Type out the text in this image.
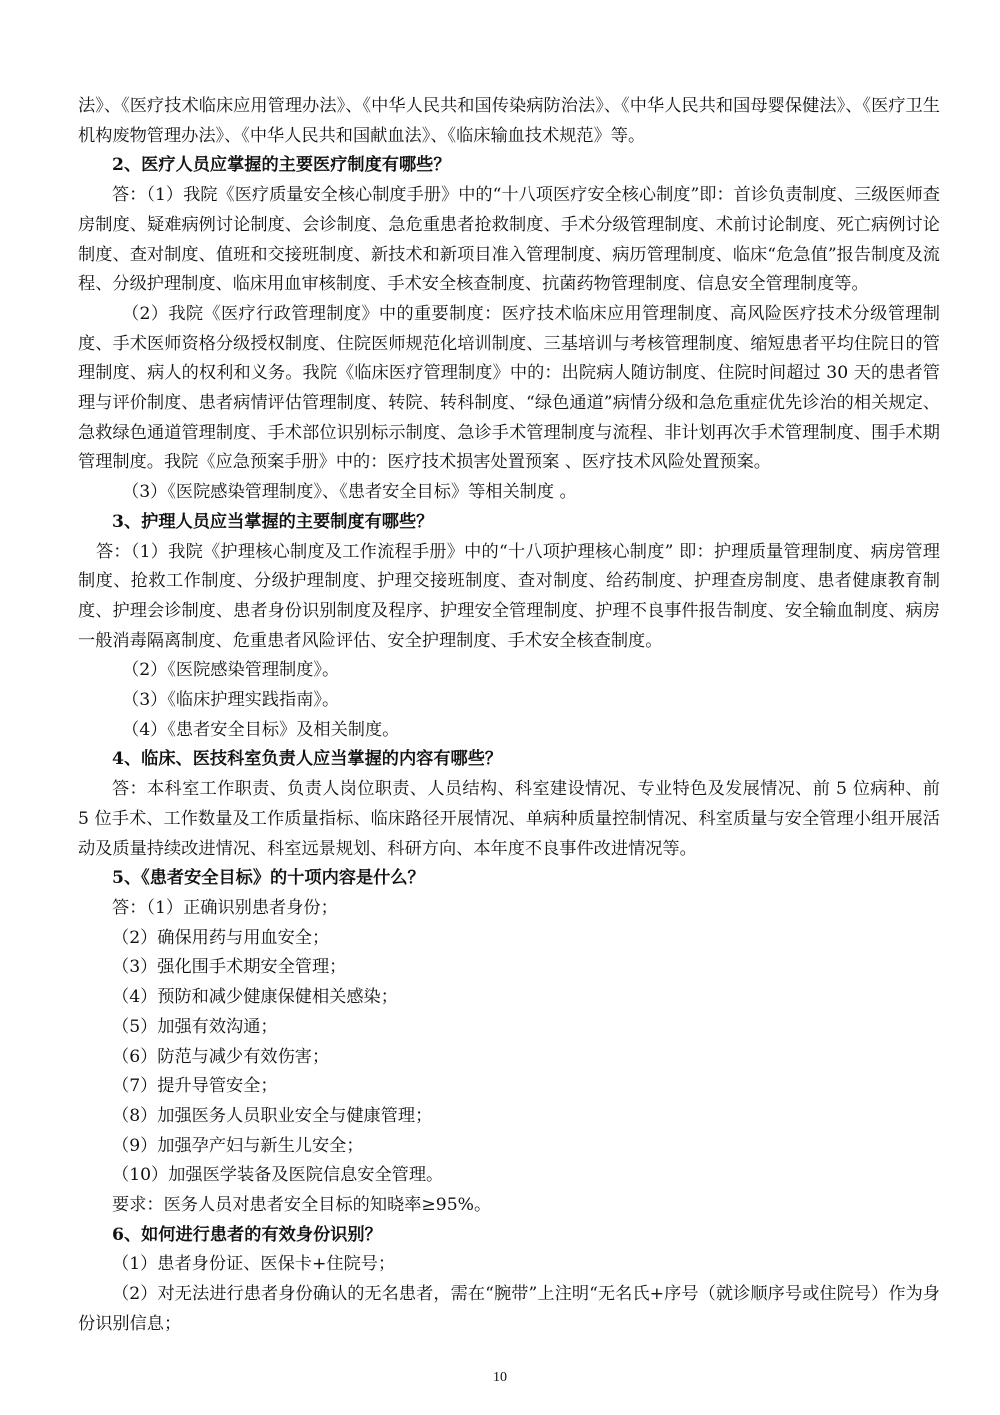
法》、《医疗技术临床应用管理办法》、《中华人民共和国传染病防治法》、《中华人民共和国母婴保健法》、《医疗卫生机构废物管理办法》、《中华人民共和国献血法》、《临床输血技术规范》等。

2、医疗人员应掌握的主要医疗制度有哪些？

答：（1）我院《医疗质量安全核心制度手册》中的“十八项医疗安全核心制度”即：首诊负责制度、三级医师查房制度、疑难病例讨论制度、会诊制度、急危重患者抢救制度、手术分级管理制度、术前讨论制度、死亡病例讨论制度、查对制度、值班和交接班制度、新技术和新项目准入管理制度、病历管理制度、临床“危急值”报告制度及流程、分级护理制度、临床用血审核制度、手术安全核查制度、抗菌药物管理制度、信息安全管理制度等。

（2）我院《医疗行政管理制度》中的重要制度：医疗技术临床应用管理制度、高风险医疗技术分级管理制度、手术医师资格分级授权制度、住院医师规范化培训制度、三基培训与考核管理制度、缩短患者平均住院日的管理制度、病人的权利和义务。我院《临床医疗管理制度》中的：出院病人随访制度、住院时间超过 30 天的患者管理与评价制度、患者病情评估管理制度、转院、转科制度、“绿色通道”病情分级和急危重症优先诊治的相关规定、急救绿色通道管理制度、手术部位识别标示制度、急诊手术管理制度与流程、非计划再次手术管理制度、围手术期管理制度。我院《应急预案手册》中的：医疗技术损害处置预案 、医疗技术风险处置预案。

（3）《医院感染管理制度》、《患者安全目标》等相关制度 。

3、护理人员应当掌握的主要制度有哪些？

答：（1）我院《护理核心制度及工作流程手册》中的“十八项护理核心制度” 即：护理质量管理制度、病房管理制度、抢救工作制度、分级护理制度、护理交接班制度、查对制度、给药制度、护理查房制度、患者健康教育制度、护理会诊制度、患者身份识别制度及程序、护理安全管理制度、护理不良事件报告制度、安全输血制度、病房一般消毒隔离制度、危重患者风险评估、安全护理制度、手术安全核查制度。

（2）《医院感染管理制度》。

（3）《临床护理实践指南》。

（4）《患者安全目标》及相关制度。

4、临床、医技科室负责人应当掌握的内容有哪些？

答：本科室工作职责、负责人岗位职责、人员结构、科室建设情况、专业特色及发展情况、前 5 位病种、前 5 位手术、工作数量及工作质量指标、临床路径开展情况、单病种质量控制情况、科室质量与安全管理小组开展活动及质量持续改进情况、科室远景规划、科研方向、本年度不良事件改进情况等。

5、《患者安全目标》的十项内容是什么？

答：（1）正确识别患者身份；

（2）确保用药与用血安全；

（3）强化围手术期安全管理；

（4）预防和减少健康保健相关感染；

（5）加强有效沟通；

（6）防范与减少有效伤害；

（7）提升导管安全；

（8）加强医务人员职业安全与健康管理；

（9）加强孕产妇与新生儿安全；

（10）加强医学装备及医院信息安全管理。

要求：医务人员对患者安全目标的知晓率≥95%。

6、如何进行患者的有效身份识别？

（1）患者身份证、医保卡+住院号；

（2）对无法进行患者身份确认的无名患者，需在“腕带”上注明“无名氏+序号（就诊顺序号或住院号）作为身份识别信息；

10
